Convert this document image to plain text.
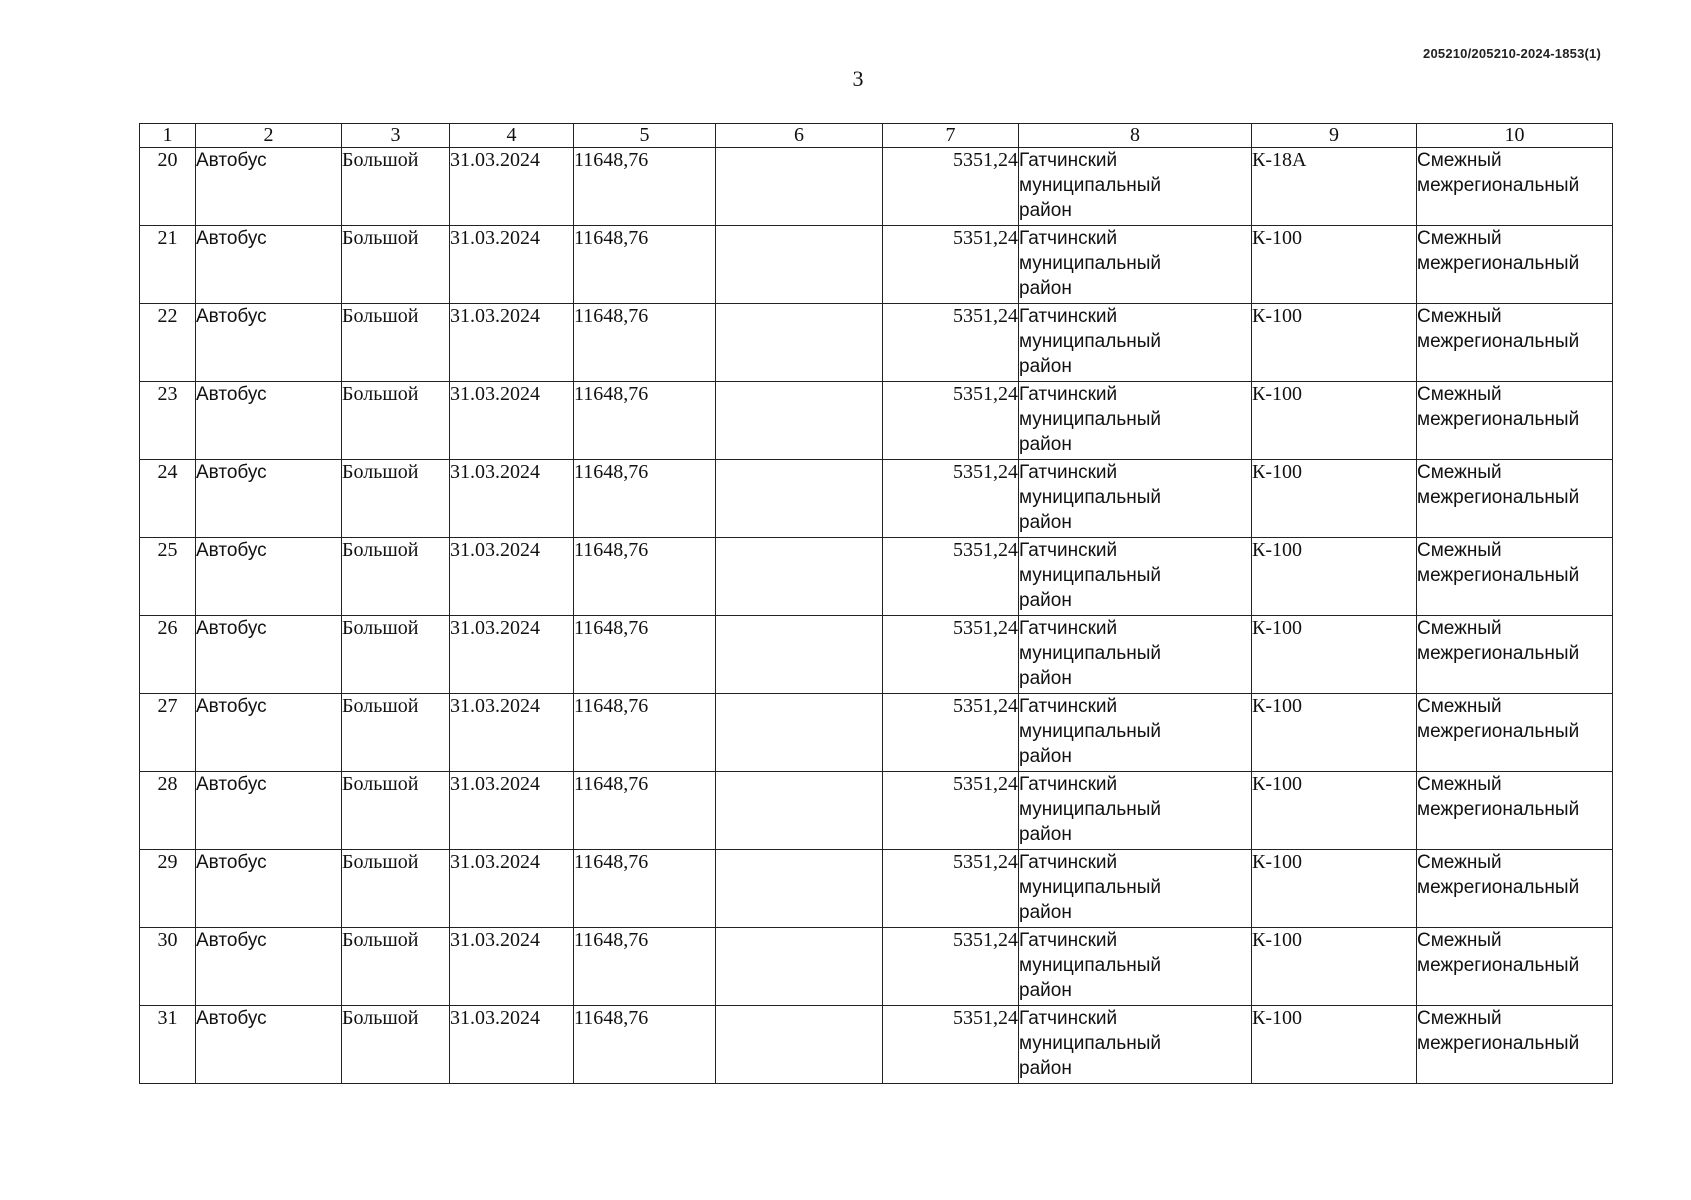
205210/205210-2024-1853(1)
3
1	2	3	4	5	6	7	8	9	10
20	Автобус	Большой	31.03.2024	11648,76		5351,24	Гатчинский
муниципальный
район	К-18А	Смежный
межрегиональный

21	Автобус	Большой	31.03.2024	11648,76		5351,24	Гатчинский
муниципальный
район	К-100	Смежный
межрегиональный

22	Автобус	Большой	31.03.2024	11648,76		5351,24	Гатчинский
муниципальный
район	К-100	Смежный
межрегиональный

23	Автобус	Большой	31.03.2024	11648,76		5351,24	Гатчинский
муниципальный
район	К-100	Смежный
межрегиональный

24	Автобус	Большой	31.03.2024	11648,76		5351,24	Гатчинский
муниципальный
район	К-100	Смежный
межрегиональный

25	Автобус	Большой	31.03.2024	11648,76		5351,24	Гатчинский
муниципальный
район	К-100	Смежный
межрегиональный

26	Автобус	Большой	31.03.2024	11648,76		5351,24	Гатчинский
муниципальный
район	К-100	Смежный
межрегиональный

27	Автобус	Большой	31.03.2024	11648,76		5351,24	Гатчинский
муниципальный
район	К-100	Смежный
межрегиональный

28	Автобус	Большой	31.03.2024	11648,76		5351,24	Гатчинский
муниципальный
район	К-100	Смежный
межрегиональный

29	Автобус	Большой	31.03.2024	11648,76		5351,24	Гатчинский
муниципальный
район	К-100	Смежный
межрегиональный

30	Автобус	Большой	31.03.2024	11648,76		5351,24	Гатчинский
муниципальный
район	К-100	Смежный
межрегиональный

31	Автобус	Большой	31.03.2024	11648,76		5351,24	Гатчинский
муниципальный
район	К-100	Смежный
межрегиональный
